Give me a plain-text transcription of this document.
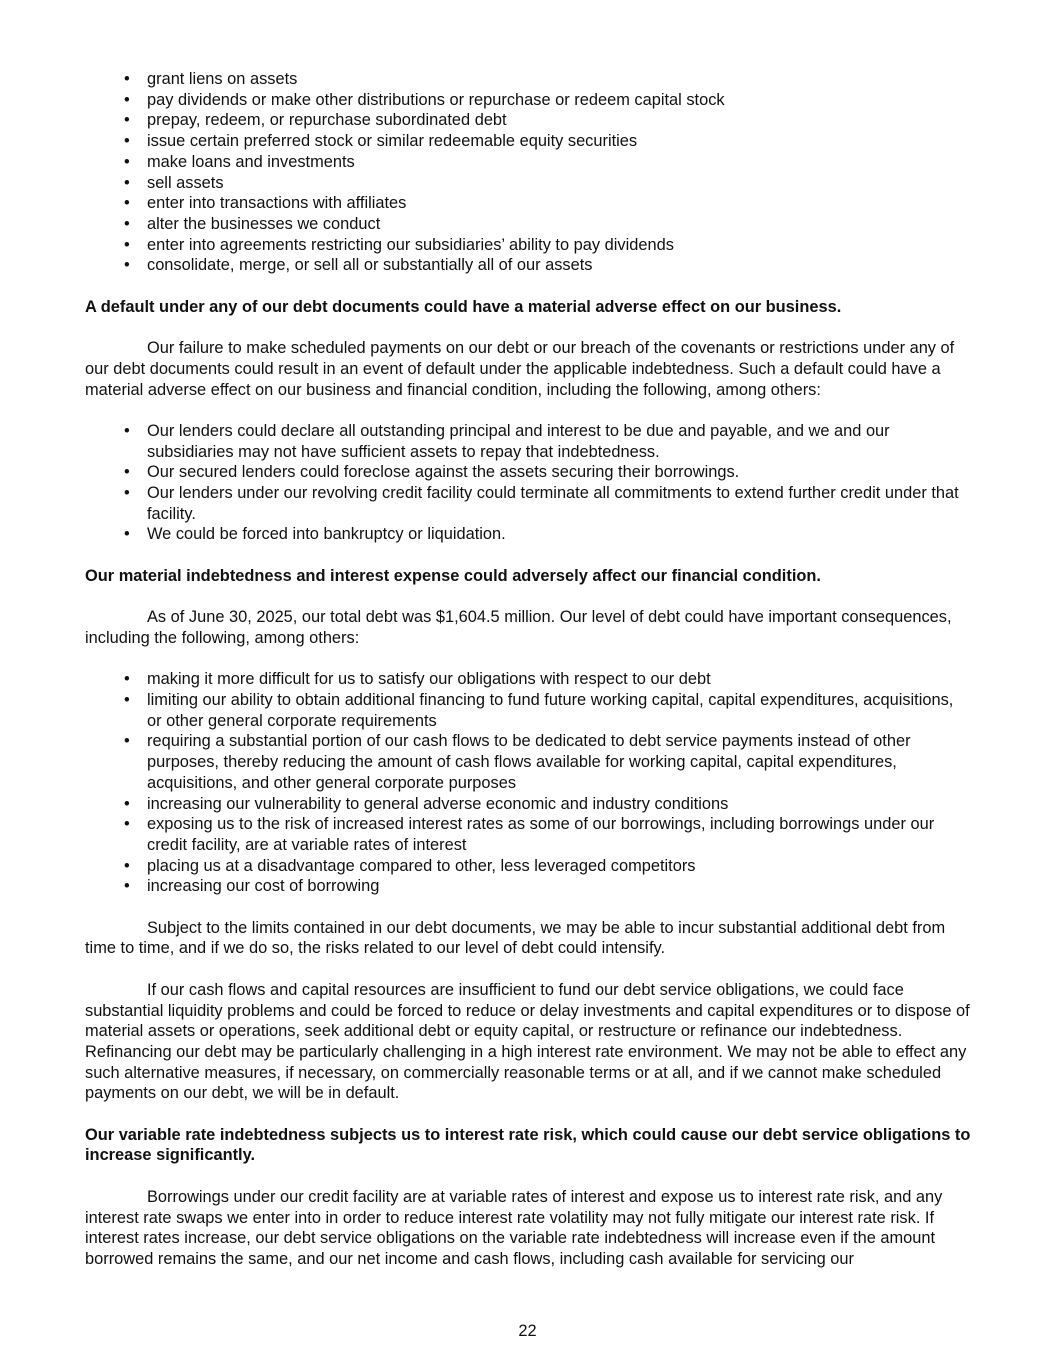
• grant liens on assets
• pay dividends or make other distributions or repurchase or redeem capital stock
• prepay, redeem, or repurchase subordinated debt
• issue certain preferred stock or similar redeemable equity securities
• make loans and investments
• sell assets
• enter into transactions with affiliates
• alter the businesses we conduct
• enter into agreements restricting our subsidiaries’ ability to pay dividends
• consolidate, merge, or sell all or substantially all of our assets
A default under any of our debt documents could have a material adverse effect on our business.

Our failure to make scheduled payments on our debt or our breach of the covenants or restrictions under any of our debt documents could result in an event of default under the applicable indebtedness. Such a default could have a material adverse effect on our business and financial condition, including the following, among others:

• Our lenders could declare all outstanding principal and interest to be due and payable, and we and our subsidiaries may not have sufficient assets to repay that indebtedness.
• Our secured lenders could foreclose against the assets securing their borrowings.
• Our lenders under our revolving credit facility could terminate all commitments to extend further credit under that facility.
• We could be forced into bankruptcy or liquidation.
Our material indebtedness and interest expense could adversely affect our financial condition.

As of June 30, 2025, our total debt was $1,604.5 million. Our level of debt could have important consequences, including the following, among others:

• making it more difficult for us to satisfy our obligations with respect to our debt
• limiting our ability to obtain additional financing to fund future working capital, capital expenditures, acquisitions, or other general corporate requirements
• requiring a substantial portion of our cash flows to be dedicated to debt service payments instead of other purposes, thereby reducing the amount of cash flows available for working capital, capital expenditures, acquisitions, and other general corporate purposes
• increasing our vulnerability to general adverse economic and industry conditions
• exposing us to the risk of increased interest rates as some of our borrowings, including borrowings under our credit facility, are at variable rates of interest
• placing us at a disadvantage compared to other, less leveraged competitors
• increasing our cost of borrowing

Subject to the limits contained in our debt documents, we may be able to incur substantial additional debt from time to time, and if we do so, the risks related to our level of debt could intensify.

If our cash flows and capital resources are insufficient to fund our debt service obligations, we could face substantial liquidity problems and could be forced to reduce or delay investments and capital expenditures or to dispose of material assets or operations, seek additional debt or equity capital, or restructure or refinance our indebtedness. Refinancing our debt may be particularly challenging in a high interest rate environment. We may not be able to effect any such alternative measures, if necessary, on commercially reasonable terms or at all, and if we cannot make scheduled payments on our debt, we will be in default.

Our variable rate indebtedness subjects us to interest rate risk, which could cause our debt service obligations to increase significantly.

Borrowings under our credit facility are at variable rates of interest and expose us to interest rate risk, and any interest rate swaps we enter into in order to reduce interest rate volatility may not fully mitigate our interest rate risk. If interest rates increase, our debt service obligations on the variable rate indebtedness will increase even if the amount borrowed remains the same, and our net income and cash flows, including cash available for servicing our

22
